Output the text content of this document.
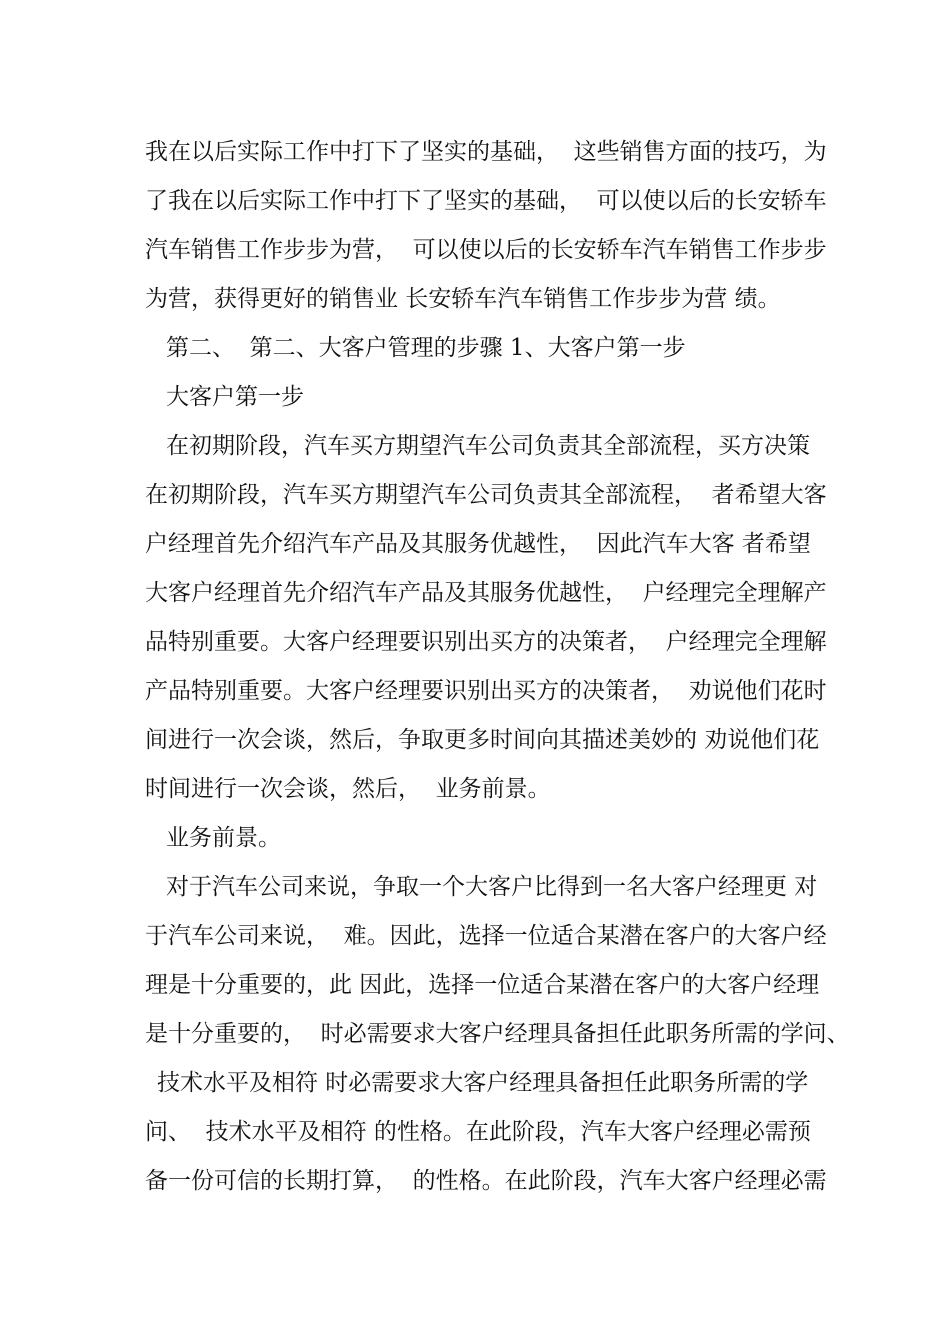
我在以后实际工作中打下了坚实的基础，  这些销售方面的技巧，为
了我在以后实际工作中打下了坚实的基础，  可以使以后的长安轿车
汽车销售工作步步为营，  可以使以后的长安轿车汽车销售工作步步
为营，获得更好的销售业 长安轿车汽车销售工作步步为营 绩。
第二、  第二、大客户管理的步骤 1、大客户第一步
大客户第一步
在初期阶段，汽车买方期望汽车公司负责其全部流程，买方决策
在初期阶段，汽车买方期望汽车公司负责其全部流程，  者希望大客
户经理首先介绍汽车产品及其服务优越性，  因此汽车大客 者希望
大客户经理首先介绍汽车产品及其服务优越性，  户经理完全理解产
品特别重要。大客户经理要识别出买方的决策者，  户经理完全理解
产品特别重要。大客户经理要识别出买方的决策者，  劝说他们花时
间进行一次会谈，然后，争取更多时间向其描述美妙的 劝说他们花
时间进行一次会谈，然后，  业务前景。
业务前景。
对于汽车公司来说，争取一个大客户比得到一名大客户经理更 对
于汽车公司来说，  难。因此，选择一位适合某潜在客户的大客户经
理是十分重要的，此 因此，选择一位适合某潜在客户的大客户经理
是十分重要的，  时必需要求大客户经理具备担任此职务所需的学问、
技术水平及相符 时必需要求大客户经理具备担任此职务所需的学
问、  技术水平及相符 的性格。在此阶段，汽车大客户经理必需预
备一份可信的长期打算，  的性格。在此阶段，汽车大客户经理必需
